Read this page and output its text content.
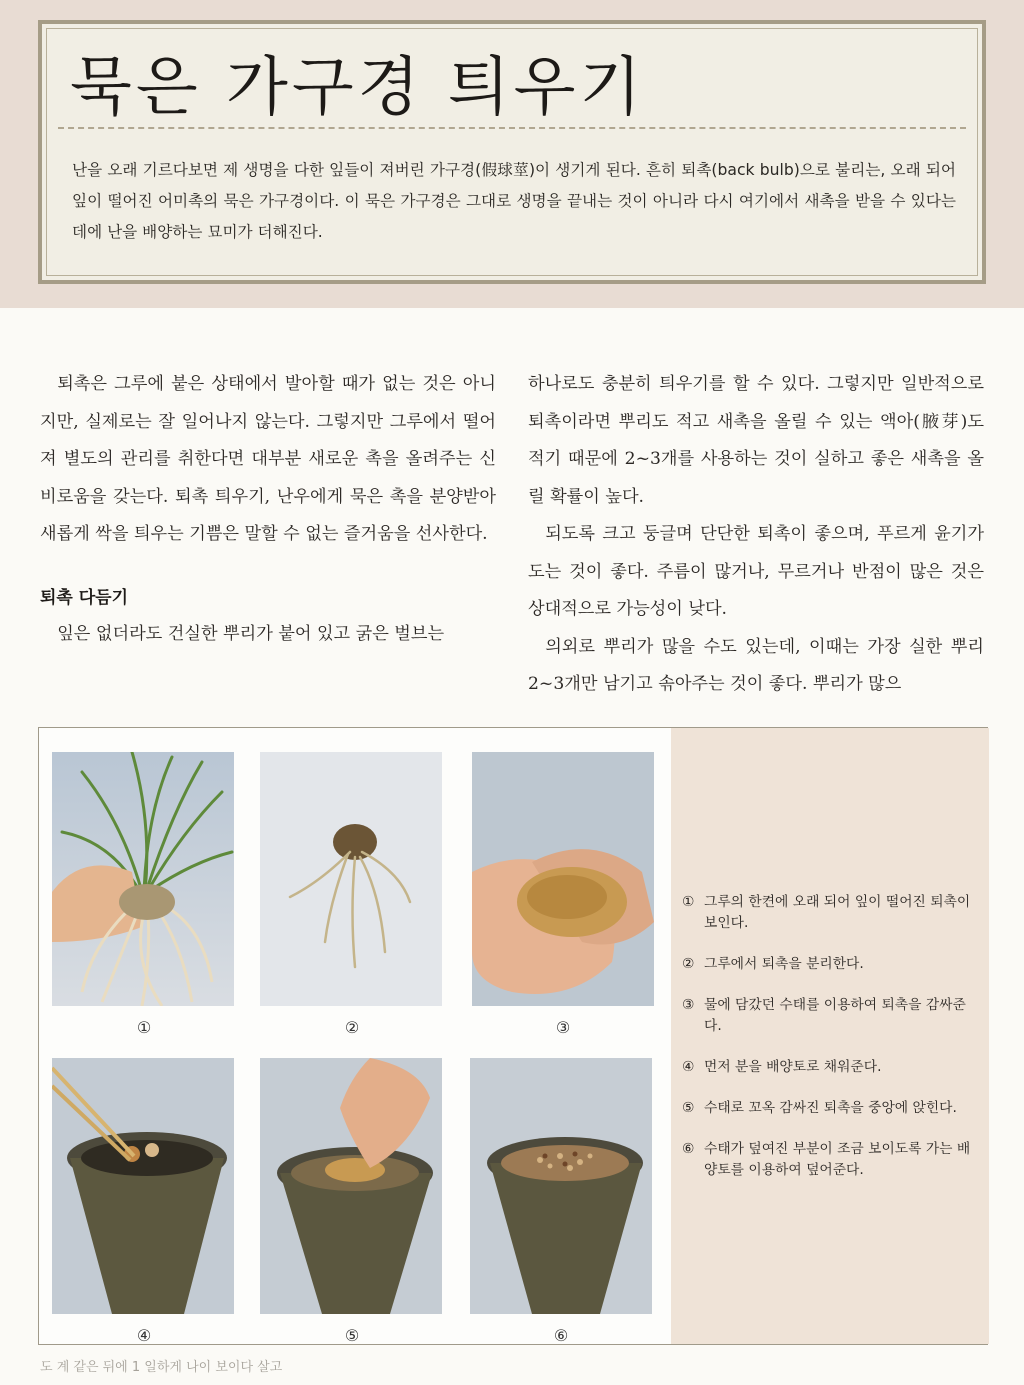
묵은 가구경 틔우기

난을 오래 기르다보면 제 생명을 다한 잎들이 져버린 가구경(假球莖)이 생기게 된다. 흔히 퇴촉(back bulb)으로 불리는, 오래 되어 잎이 떨어진 어미촉의 묵은 가구경이다. 이 묵은 가구경은 그대로 생명을 끝내는 것이 아니라 다시 여기에서 새촉을 받을 수 있다는 데에 난을 배양하는 묘미가 더해진다.

퇴촉은 그루에 붙은 상태에서 발아할 때가 없는 것은 아니지만, 실제로는 잘 일어나지 않는다. 그렇지만 그루에서 떨어져 별도의 관리를 취한다면 대부분 새로운 촉을 올려주는 신비로움을 갖는다. 퇴촉 틔우기, 난우에게 묵은 촉을 분양받아 새롭게 싹을 틔우는 기쁨은 말할 수 없는 즐거움을 선사한다.

퇴촉 다듬기

잎은 없더라도 건실한 뿌리가 붙어 있고 굵은 벌브는

하나로도 충분히 틔우기를 할 수 있다. 그렇지만 일반적으로 퇴촉이라면 뿌리도 적고 새촉을 올릴 수 있는 액아(腋芽)도 적기 때문에 2~3개를 사용하는 것이 실하고 좋은 새촉을 올릴 확률이 높다.

되도록 크고 둥글며 단단한 퇴촉이 좋으며, 푸르게 윤기가 도는 것이 좋다. 주름이 많거나, 무르거나 반점이 많은 것은 상대적으로 가능성이 낮다.

의외로 뿌리가 많을 수도 있는데, 이때는 가장 실한 뿌리 2~3개만 남기고 솎아주는 것이 좋다. 뿌리가 많으

①	②	③
④	⑤	⑥
① 그루의 한켠에 오래 되어 잎이 떨어진 퇴촉이 보인다.
② 그루에서 퇴촉을 분리한다.
③ 물에 담갔던 수태를 이용하여 퇴촉을 감싸준다.
④ 먼저 분을 배양토로 채워준다.
⑤ 수태로 꼬옥 감싸진 퇴촉을 중앙에 앉힌다.
⑥ 수태가 덮여진 부분이 조금 보이도록 가는 배양토를 이용하여 덮어준다.
도 계 같은 뒤에 1 일하게 나이 보이다 살고
